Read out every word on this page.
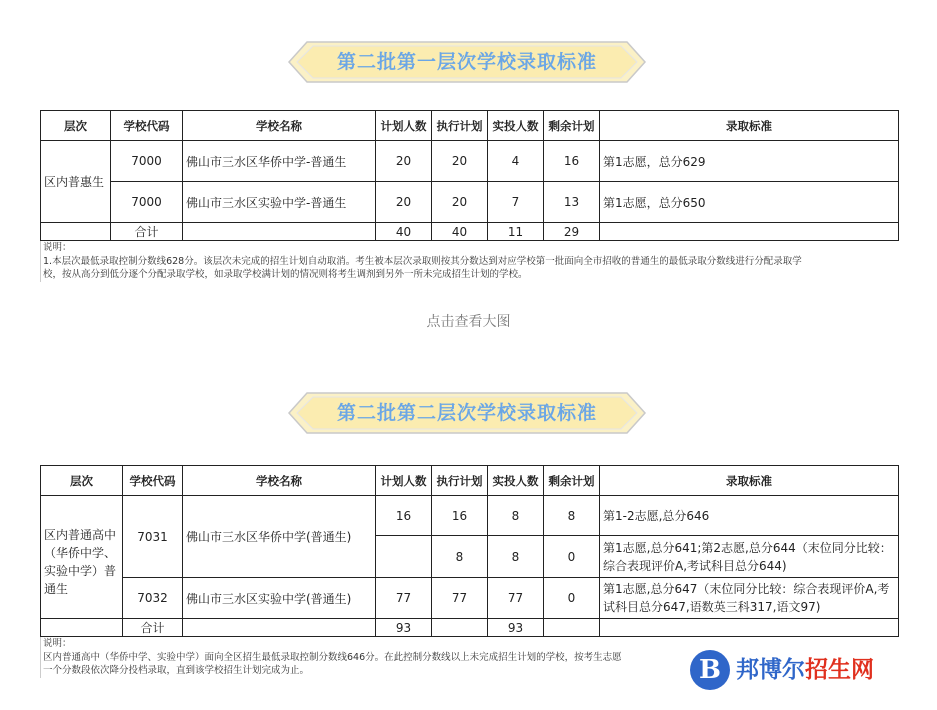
第二批第一层次学校录取标准
层次	学校代码	学校名称	计划人数	执行计划	实投人数	剩余计划	录取标准
区内普惠生	7000	佛山市三水区华侨中学-普通生	20	20	4	16	第1志愿，总分629
	7000	佛山市三水区实验中学-普通生	20	20	7	13	第1志愿，总分650
	合计		40	40	11	29	
说明：
1.本层次最低录取控制分数线628分。该层次未完成的招生计划自动取消。考生被本层次录取则按其分数达到对应学校第一批面向全市招收的普通生的最低录取分数线进行分配录取学
校，按从高分到低分逐个分配录取学校，如录取学校满计划的情况则将考生调剂到另外一所未完成招生计划的学校。
点击查看大图
第二批第二层次学校录取标准
层次	学校代码	学校名称	计划人数	执行计划	实投人数	剩余计划	录取标准
区内普通高中（华侨中学、实验中学）普通生	7031	佛山市三水区华侨中学(普通生)	16	16	8	8	第1-2志愿,总分646
				8	8	0	第1志愿,总分641;第2志愿,总分644（末位同分比较：综合表现评价A,考试科目总分644)
	7032	佛山市三水区实验中学(普通生)	77	77	77	0	第1志愿,总分647（末位同分比较：综合表现评价A,考试科目总分647,语数英三科317,语文97)
	合计		93		93		
说明：
区内普通高中（华侨中学、实验中学）面向全区招生最低录取控制分数线646分。在此控制分数线以上未完成招生计划的学校，按考生志愿
一个分数段依次降分投档录取，直到该学校招生计划完成为止。	B 邦博尔招生网
